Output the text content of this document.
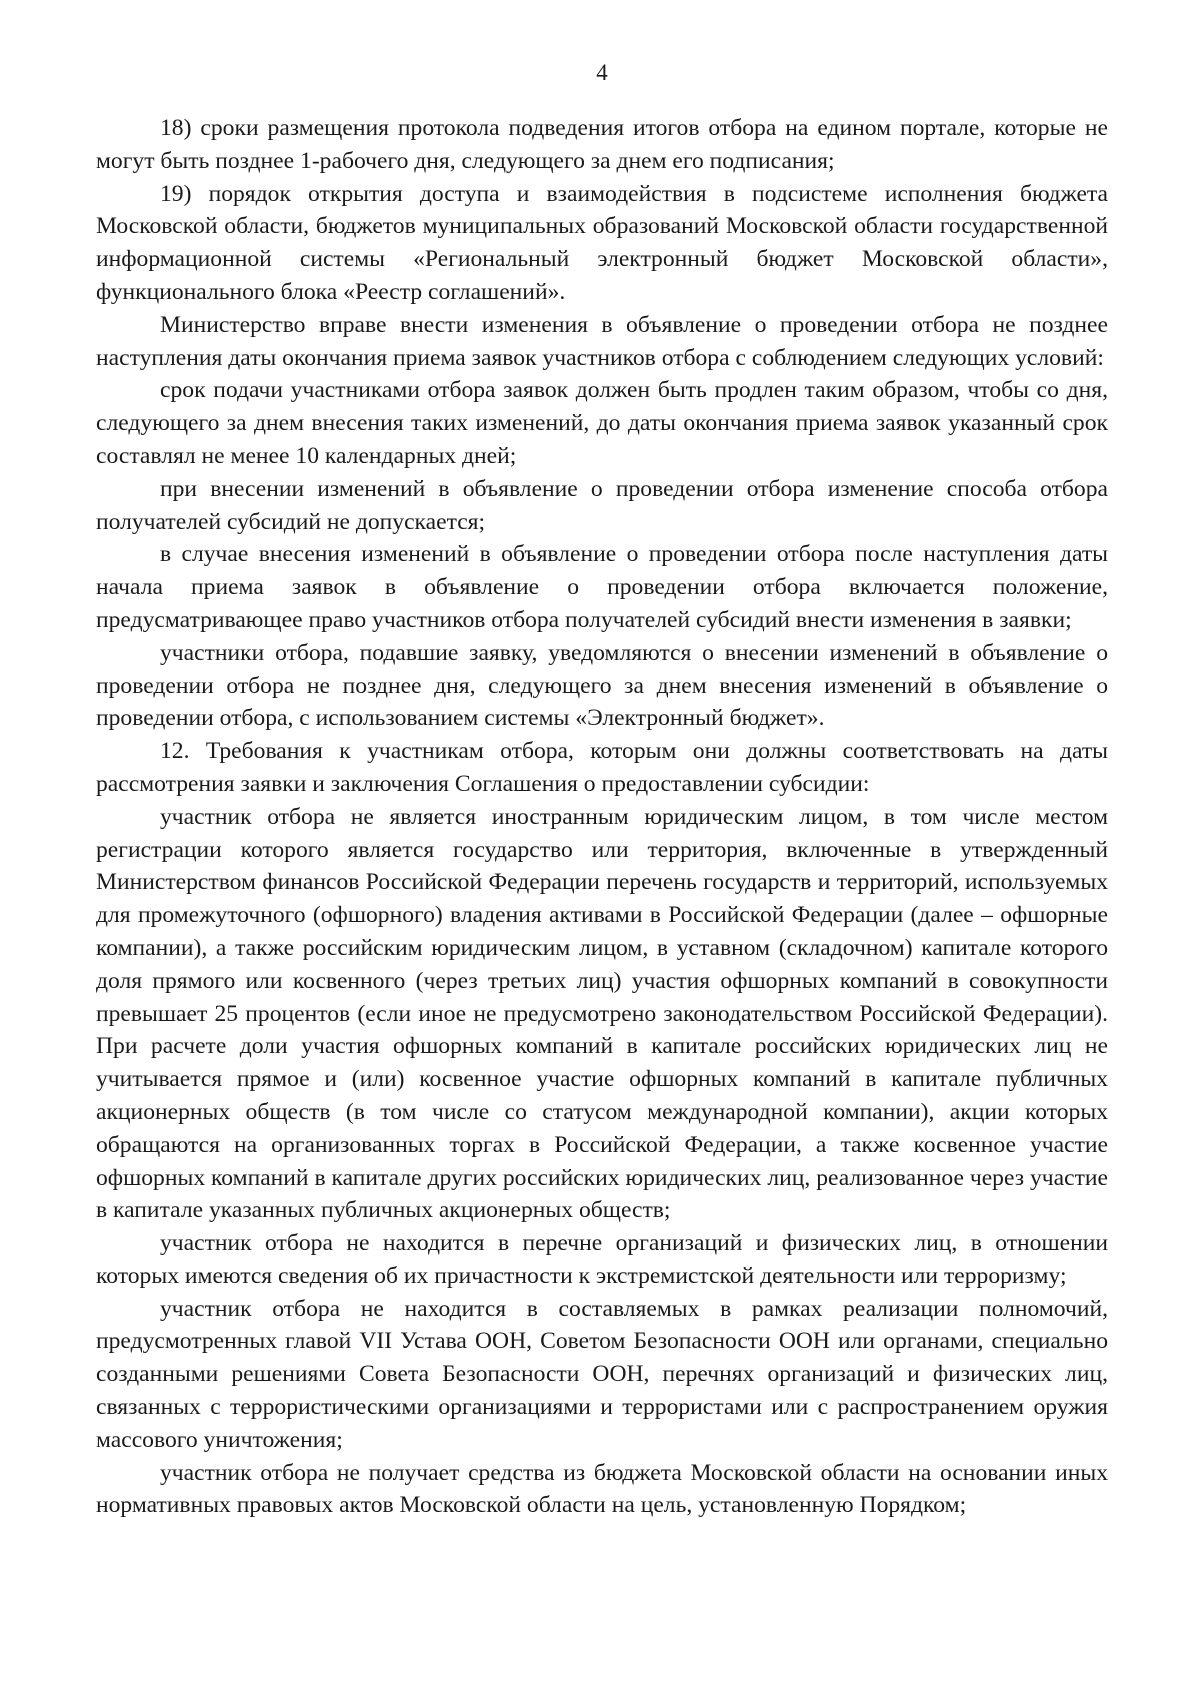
4

18) сроки размещения протокола подведения итогов отбора на едином портале, которые не могут быть позднее 1-рабочего дня, следующего за днем его подписания;

19) порядок открытия доступа и взаимодействия в подсистеме исполнения бюджета Московской области, бюджетов муниципальных образований Московской области государственной информационной системы «Региональный электронный бюджет Московской области», функционального блока «Реестр соглашений».

Министерство вправе внести изменения в объявление о проведении отбора не позднее наступления даты окончания приема заявок участников отбора с соблюдением следующих условий:

срок подачи участниками отбора заявок должен быть продлен таким образом, чтобы со дня, следующего за днем внесения таких изменений, до даты окончания приема заявок указанный срок составлял не менее 10 календарных дней;

при внесении изменений в объявление о проведении отбора изменение способа отбора получателей субсидий не допускается;

в случае внесения изменений в объявление о проведении отбора после наступления даты начала приема заявок в объявление о проведении отбора включается положение, предусматривающее право участников отбора получателей субсидий внести изменения в заявки;

участники отбора, подавшие заявку, уведомляются о внесении изменений в объявление о проведении отбора не позднее дня, следующего за днем внесения изменений в объявление о проведении отбора, с использованием системы «Электронный бюджет».

12. Требования к участникам отбора, которым они должны соответствовать на даты рассмотрения заявки и заключения Соглашения о предоставлении субсидии:

участник отбора не является иностранным юридическим лицом, в том числе местом регистрации которого является государство или территория, включенные в утвержденный Министерством финансов Российской Федерации перечень государств и территорий, используемых для промежуточного (офшорного) владения активами в Российской Федерации (далее – офшорные компании), а также российским юридическим лицом, в уставном (складочном) капитале которого доля прямого или косвенного (через третьих лиц) участия офшорных компаний в совокупности превышает 25 процентов (если иное не предусмотрено законодательством Российской Федерации). При расчете доли участия офшорных компаний в капитале российских юридических лиц не учитывается прямое и (или) косвенное участие офшорных компаний в капитале публичных акционерных обществ (в том числе со статусом международной компании), акции которых обращаются на организованных торгах в Российской Федерации, а также косвенное участие офшорных компаний в капитале других российских юридических лиц, реализованное через участие в капитале указанных публичных акционерных обществ;

участник отбора не находится в перечне организаций и физических лиц, в отношении которых имеются сведения об их причастности к экстремистской деятельности или терроризму;

участник отбора не находится в составляемых в рамках реализации полномочий, предусмотренных главой VII Устава ООН, Советом Безопасности ООН или органами, специально созданными решениями Совета Безопасности ООН, перечнях организаций и физических лиц, связанных с террористическими организациями и террористами или с распространением оружия массового уничтожения;

участник отбора не получает средства из бюджета Московской области на основании иных нормативных правовых актов Московской области на цель, установленную Порядком;
